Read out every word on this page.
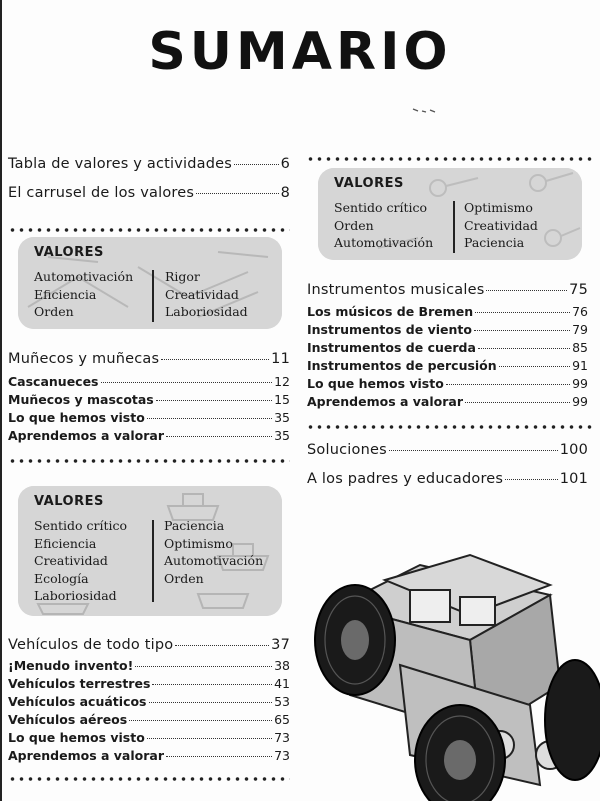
SUMARIO
Tabla de valores y actividades	6
El carrusel de los valores	8
VALORES
Automotivación
Eficiencia
Orden
Rigor
Creatividad
Laboriosidad
Muñecos y muñecas	11
Cascanueces	12
Muñecos y mascotas	15
Lo que hemos visto	35
Aprendemos a valorar	35
VALORES
Sentido crítico
Eficiencia
Creatividad
Ecología
Laboriosidad
Paciencia
Optimismo
Automotivación
Orden
Vehículos de todo tipo	37
¡Menudo invento!	38
Vehículos terrestres	41
Vehículos acuáticos	53
Vehículos aéreos	65
Lo que hemos visto	73
Aprendemos a valorar	73
VALORES
Sentido crítico
Orden
Automotivación
Optimismo
Creatividad
Paciencia
Instrumentos musicales	75
Los músicos de Bremen	76
Instrumentos de viento	79
Instrumentos de cuerda	85
Instrumentos de percusión	91
Lo que hemos visto	99
Aprendemos a valorar	99
Soluciones	100
A los padres y educadores	101
